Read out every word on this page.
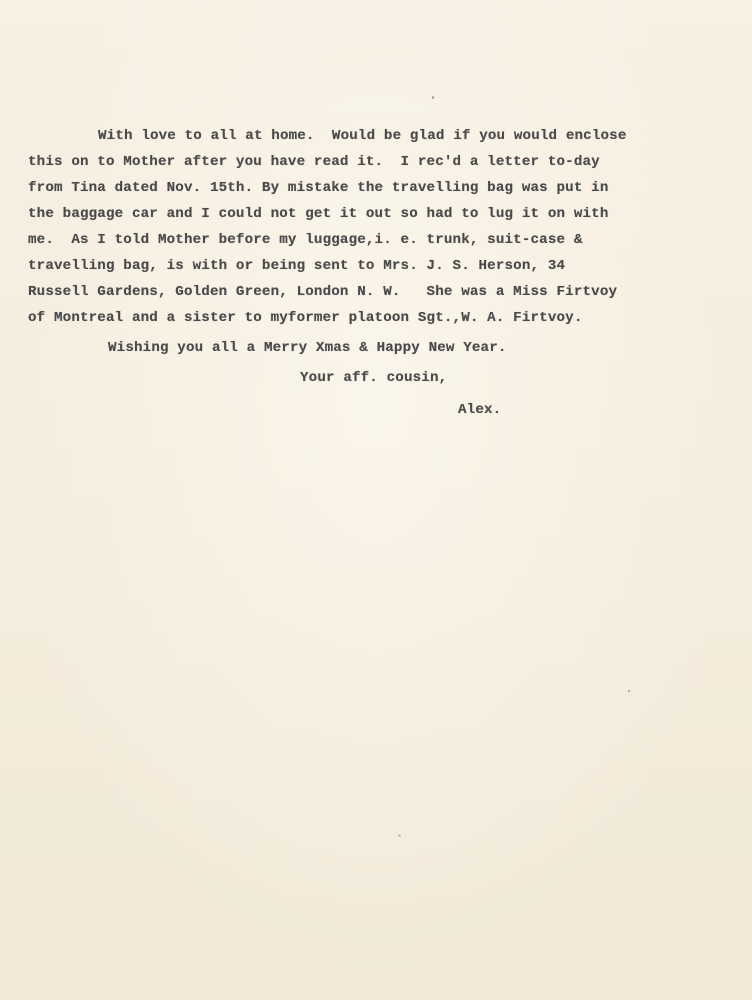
With love to all at home.  Would be glad if you would enclose

this on to Mother after you have read it.  I rec'd a letter to-day

from Tina dated Nov. 15th. By mistake the travelling bag was put in

the baggage car and I could not get it out so had to lug it on with

me.  As I told Mother before my luggage,i. e. trunk, suit-case &

travelling bag, is with or being sent to Mrs. J. S. Herson, 34

Russell Gardens, Golden Green, London N. W.   She was a Miss Firtvoy

of Montreal and a sister to myformer platoon Sgt.,W. A. Firtvoy.

Wishing you all a Merry Xmas & Happy New Year.

Your aff. cousin,

Alex.
